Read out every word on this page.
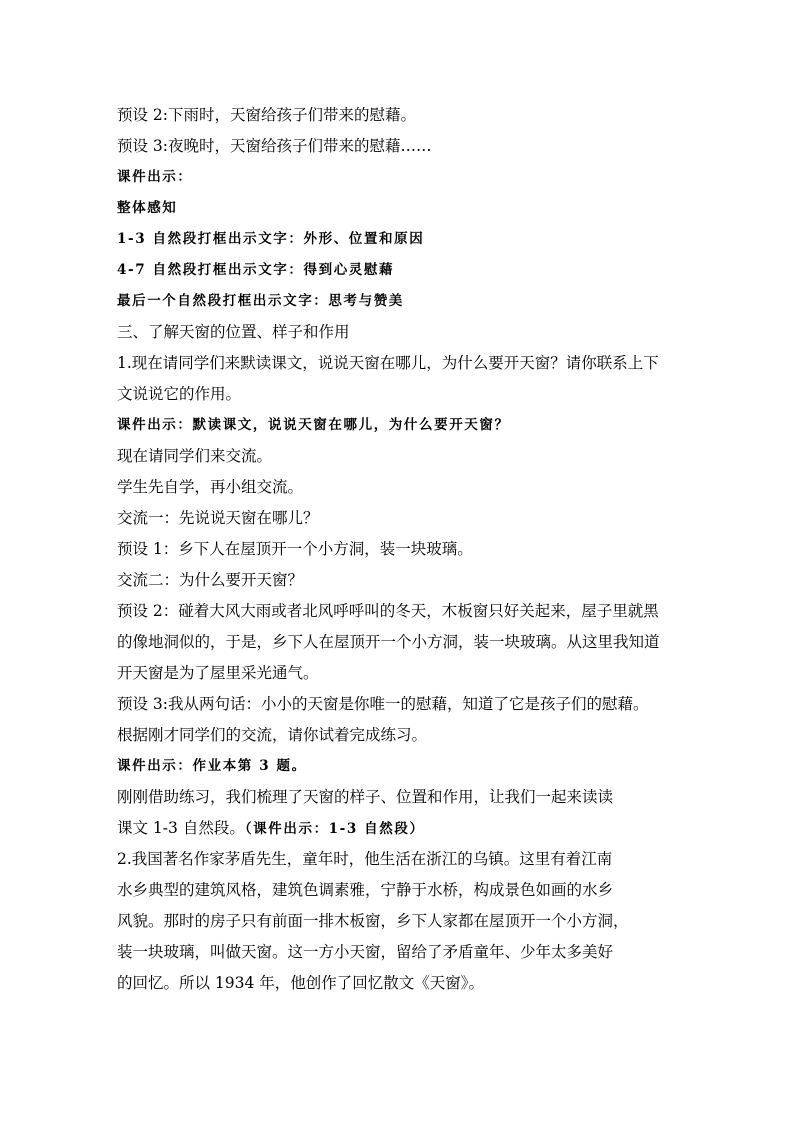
预设 2:下雨时，天窗给孩子们带来的慰藉。

预设 3:夜晚时，天窗给孩子们带来的慰藉……

课件出示：

整体感知

1-3 自然段打框出示文字：外形、位置和原因

4-7 自然段打框出示文字：得到心灵慰藉

最后一个自然段打框出示文字：思考与赞美

三、了解天窗的位置、样子和作用

1.现在请同学们来默读课文，说说天窗在哪儿，为什么要开天窗？请你联系上下

文说说它的作用。

课件出示：默读课文，说说天窗在哪儿，为什么要开天窗？

现在请同学们来交流。

学生先自学，再小组交流。

交流一：先说说天窗在哪儿？

预设 1：乡下人在屋顶开一个小方洞，装一块玻璃。

交流二：为什么要开天窗？

预设 2：碰着大风大雨或者北风呼呼叫的冬天，木板窗只好关起来，屋子里就黑

的像地洞似的，于是，乡下人在屋顶开一个小方洞，装一块玻璃。从这里我知道

开天窗是为了屋里采光通气。

预设 3:我从两句话：小小的天窗是你唯一的慰藉，知道了它是孩子们的慰藉。

根据刚才同学们的交流，请你试着完成练习。

课件出示：作业本第 3 题。

刚刚借助练习，我们梳理了天窗的样子、位置和作用，让我们一起来读读

课文 1-3 自然段。（课件出示：1-3 自然段）

2.我国著名作家茅盾先生，童年时，他生活在浙江的乌镇。这里有着江南

水乡典型的建筑风格，建筑色调素雅，宁静于水桥，构成景色如画的水乡

风貌。那时的房子只有前面一排木板窗，乡下人家都在屋顶开一个小方洞，

装一块玻璃，叫做天窗。这一方小天窗，留给了矛盾童年、少年太多美好

的回忆。所以 1934 年，他创作了回忆散文《天窗》。
